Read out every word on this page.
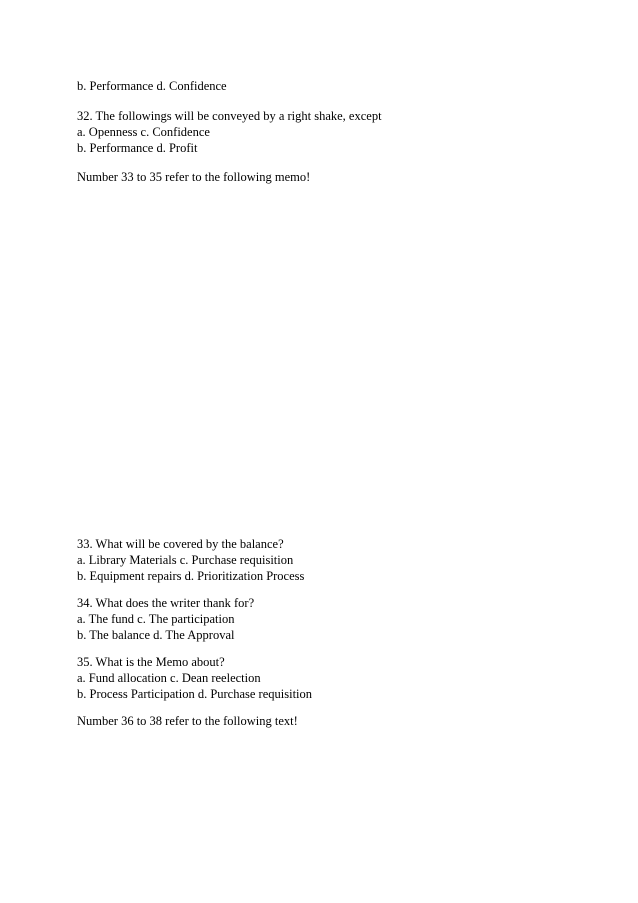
b. Performance d. Confidence
32. The followings will be conveyed by a right shake, except
a. Openness c. Confidence
b. Performance d. Profit
Number 33 to 35 refer to the following memo!
33. What will be covered by the balance?
a. Library Materials c. Purchase requisition
b. Equipment repairs d. Prioritization Process
34. What does the writer thank for?
a. The fund c. The participation
b. The balance d. The Approval
35. What is the Memo about?
a. Fund allocation c. Dean reelection
b. Process Participation d. Purchase requisition
Number 36 to 38 refer to the following text!
